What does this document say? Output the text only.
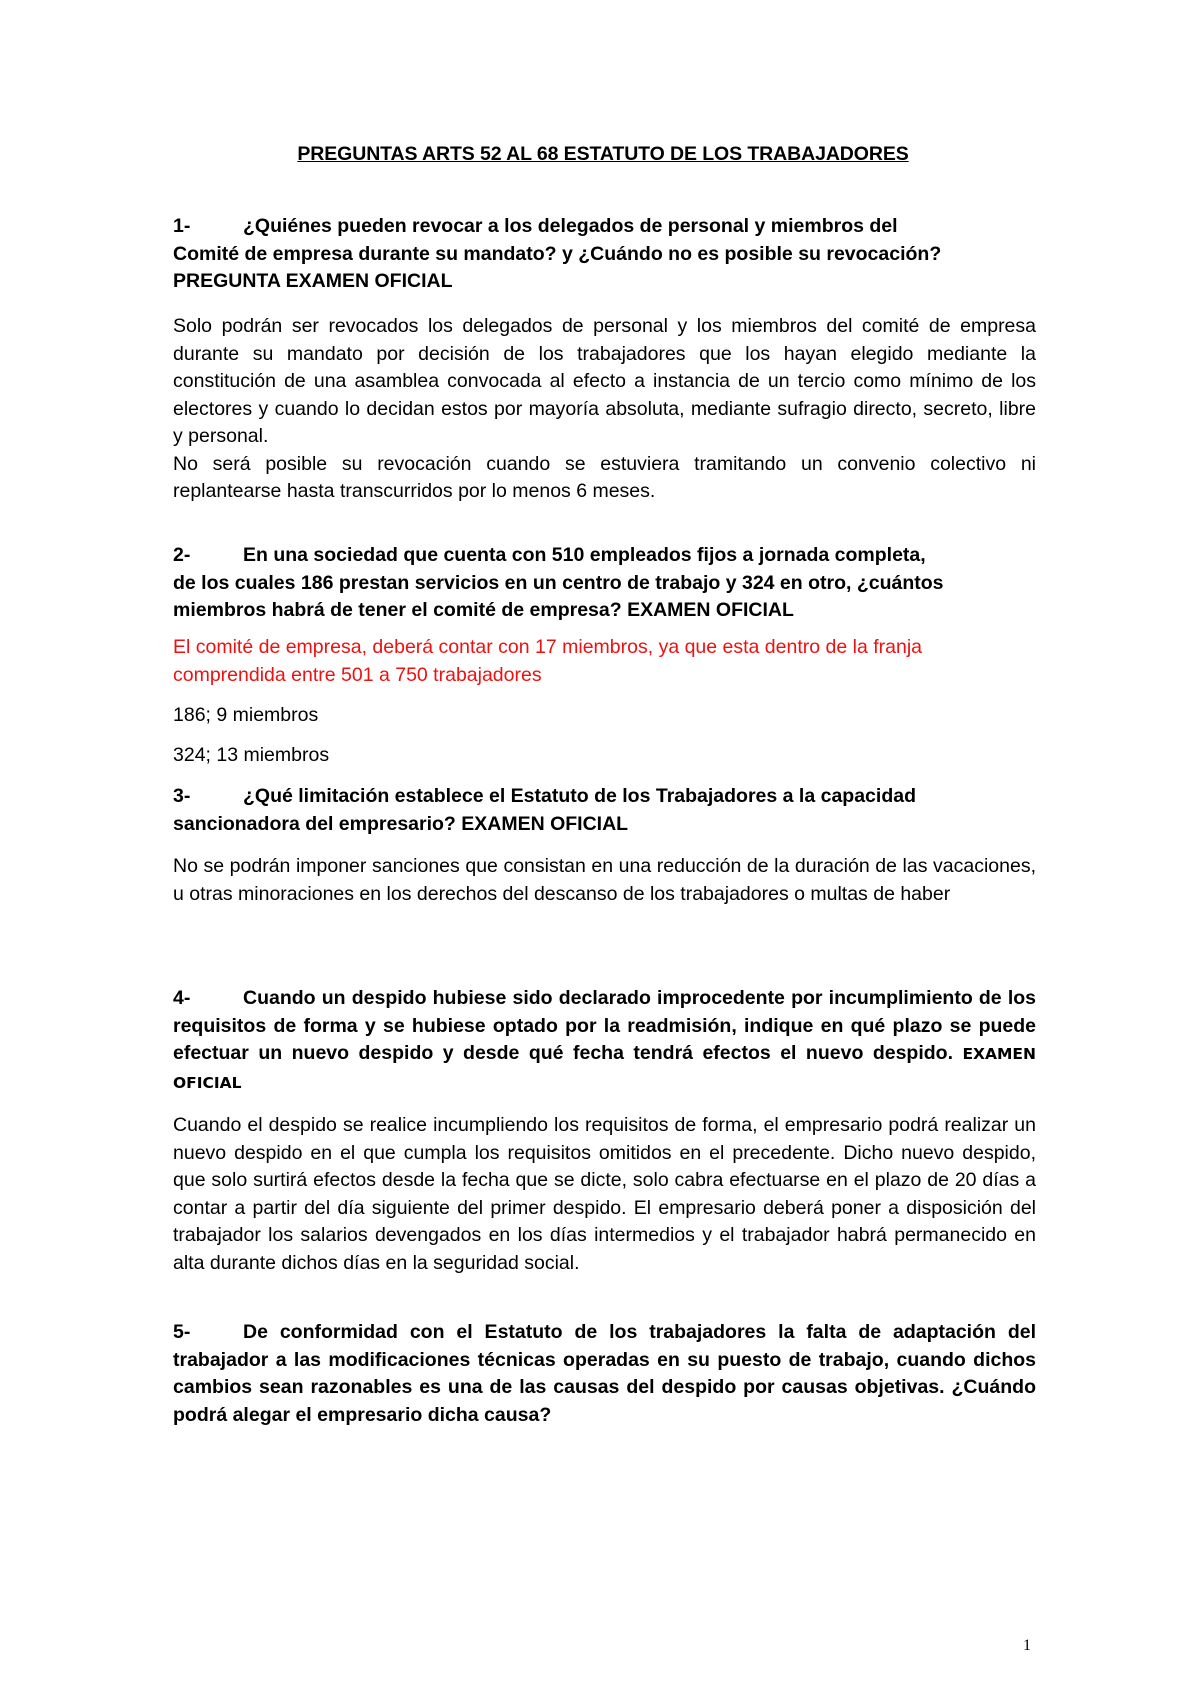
PREGUNTAS ARTS 52 AL 68 ESTATUTO DE LOS TRABAJADORES

1-	¿Quiénes pueden revocar a los delegados de personal y miembros del

Comité de empresa durante su mandato? y ¿Cuándo no es posible su revocación? PREGUNTA EXAMEN OFICIAL

Solo podrán ser revocados los delegados de personal y los miembros del comité de empresa durante su mandato por decisión de los trabajadores que los hayan elegido mediante la constitución de una asamblea convocada al efecto a instancia de un tercio como mínimo de los electores y cuando lo decidan estos por mayoría absoluta, mediante sufragio directo, secreto, libre y personal.

No será posible su revocación cuando se estuviera tramitando un convenio colectivo ni replantearse hasta transcurridos por lo menos 6 meses.

2-	En una sociedad que cuenta con 510 empleados fijos a jornada completa,

de los cuales 186 prestan servicios en un centro de trabajo y 324 en otro, ¿cuántos miembros habrá de tener el comité de empresa? EXAMEN OFICIAL

El comité de empresa, deberá contar con 17 miembros, ya que esta dentro de la franja comprendida entre 501 a 750 trabajadores
186; 9 miembros
324; 13 miembros

3-	¿Qué limitación establece el Estatuto de los Trabajadores a la capacidad

sancionadora del empresario? EXAMEN OFICIAL

No se podrán imponer sanciones que consistan en una reducción de la duración de las vacaciones, u otras minoraciones en los derechos del descanso de los trabajadores o multas de haber

4-	Cuando un despido hubiese sido declarado improcedente por incumplimiento de los requisitos de forma y se hubiese optado por la readmisión, indique en qué plazo se puede efectuar un nuevo despido y desde qué fecha tendrá efectos el nuevo despido. EXAMEN OFICIAL

Cuando el despido se realice incumpliendo los requisitos de forma, el empresario podrá realizar un nuevo despido en el que cumpla los requisitos omitidos en el precedente. Dicho nuevo despido, que solo surtirá efectos desde la fecha que se dicte, solo cabra efectuarse en el plazo de 20 días a contar a partir del día siguiente del primer despido. El empresario deberá poner a disposición del trabajador los salarios devengados en los días intermedios y el trabajador habrá permanecido en alta durante dichos días en la seguridad social.

5-	De conformidad con el Estatuto de los trabajadores la falta de adaptación del trabajador a las modificaciones técnicas operadas en su puesto de trabajo, cuando dichos cambios sean razonables es una de las causas del despido por causas objetivas. ¿Cuándo podrá alegar el empresario dicha causa?

1
